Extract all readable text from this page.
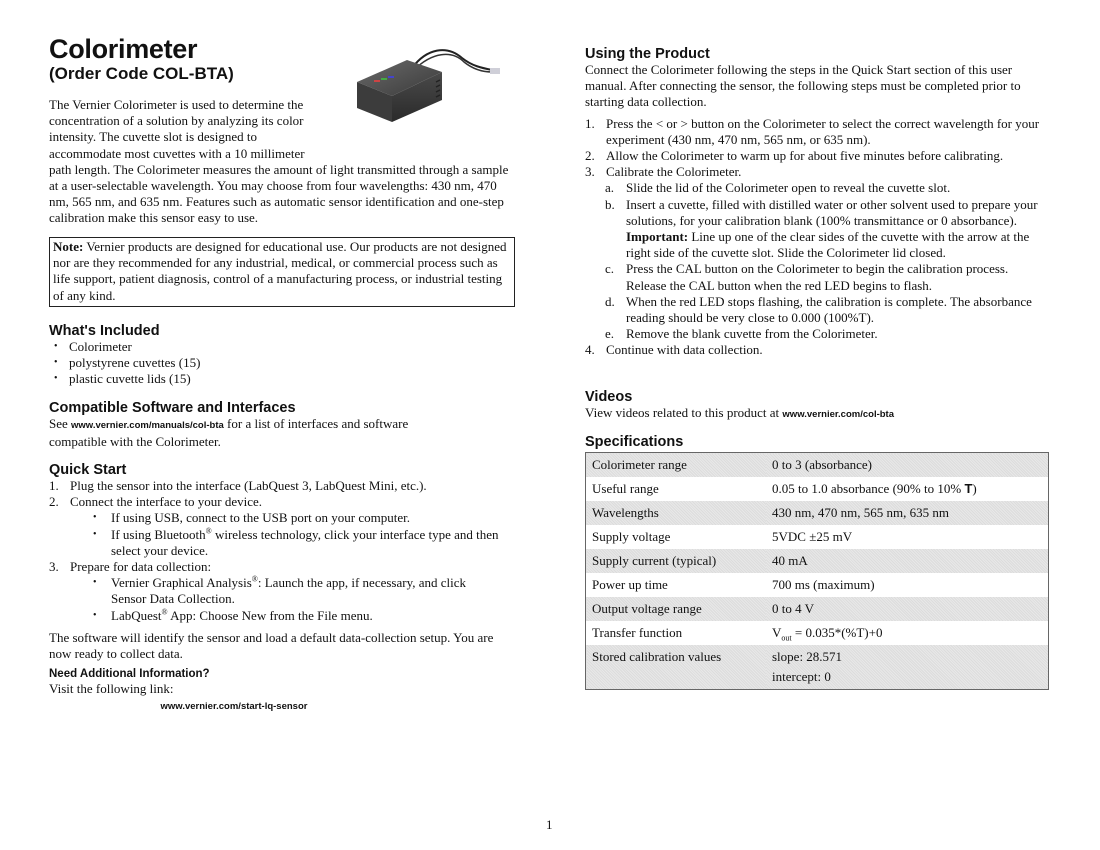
Colorimeter
(Order Code COL-BTA)
The Vernier Colorimeter is used to determine the
concentration of a solution by analyzing its color
intensity. The cuvette slot is designed to
accommodate most cuvettes with a 10 millimeter
path length. The Colorimeter measures the amount of light transmitted through a sample at a user-selectable wavelength. You may choose from four wavelengths: 430 nm, 470 nm, 565 nm, and 635 nm. Features such as automatic sensor identification and one-step calibration make this sensor easy to use.
Note: Vernier products are designed for educational use. Our products are not designed nor are they recommended for any industrial, medical, or commercial process such as life support, patient diagnosis, control of a manufacturing process, or industrial testing of any kind.
What's Included
• Colorimeter
• polystyrene cuvettes (15)
• plastic cuvette lids (15)
Compatible Software and Interfaces
See www.vernier.com/manuals/col-bta for a list of interfaces and software compatible with the Colorimeter.
Quick Start
1. Plug the sensor into the interface (LabQuest 3, LabQuest Mini, etc.).
2. Connect the interface to your device.
• If using USB, connect to the USB port on your computer.
• If using Bluetooth® wireless technology, click your interface type and then select your device.
3. Prepare for data collection:
• Vernier Graphical Analysis®: Launch the app, if necessary, and click Sensor Data Collection.
• LabQuest® App: Choose New from the File menu.
The software will identify the sensor and load a default data-collection setup. You are now ready to collect data.
Need Additional Information?
Visit the following link:
www.vernier.com/start-lq-sensor
Using the Product
Connect the Colorimeter following the steps in the Quick Start section of this user manual. After connecting the sensor, the following steps must be completed prior to starting data collection.
1. Press the < or > button on the Colorimeter to select the correct wavelength for your experiment (430 nm, 470 nm, 565 nm, or 635 nm).
2. Allow the Colorimeter to warm up for about five minutes before calibrating.
3. Calibrate the Colorimeter.
a. Slide the lid of the Colorimeter open to reveal the cuvette slot.
b. Insert a cuvette, filled with distilled water or other solvent used to prepare your solutions, for your calibration blank (100% transmittance or 0 absorbance).
Important: Line up one of the clear sides of the cuvette with the arrow at the right side of the cuvette slot. Slide the Colorimeter lid closed.
c. Press the CAL button on the Colorimeter to begin the calibration process. Release the CAL button when the red LED begins to flash.
d. When the red LED stops flashing, the calibration is complete. The absorbance reading should be very close to 0.000 (100%T).
e. Remove the blank cuvette from the Colorimeter.
4. Continue with data collection.
Videos
View videos related to this product at www.vernier.com/col-bta
Specifications
Colorimeter range	0 to 3 (absorbance)
Useful range	0.05 to 1.0 absorbance (90% to 10% T)
Wavelengths	430 nm, 470 nm, 565 nm, 635 nm
Supply voltage	5VDC ±25 mV
Supply current (typical)	40 mA
Power up time	700 ms (maximum)
Output voltage range	0 to 4 V
Transfer function	$V_{out} = 0.035*(\%T)+0$
Stored calibration values	slope: 28.571
intercept: 0
1
